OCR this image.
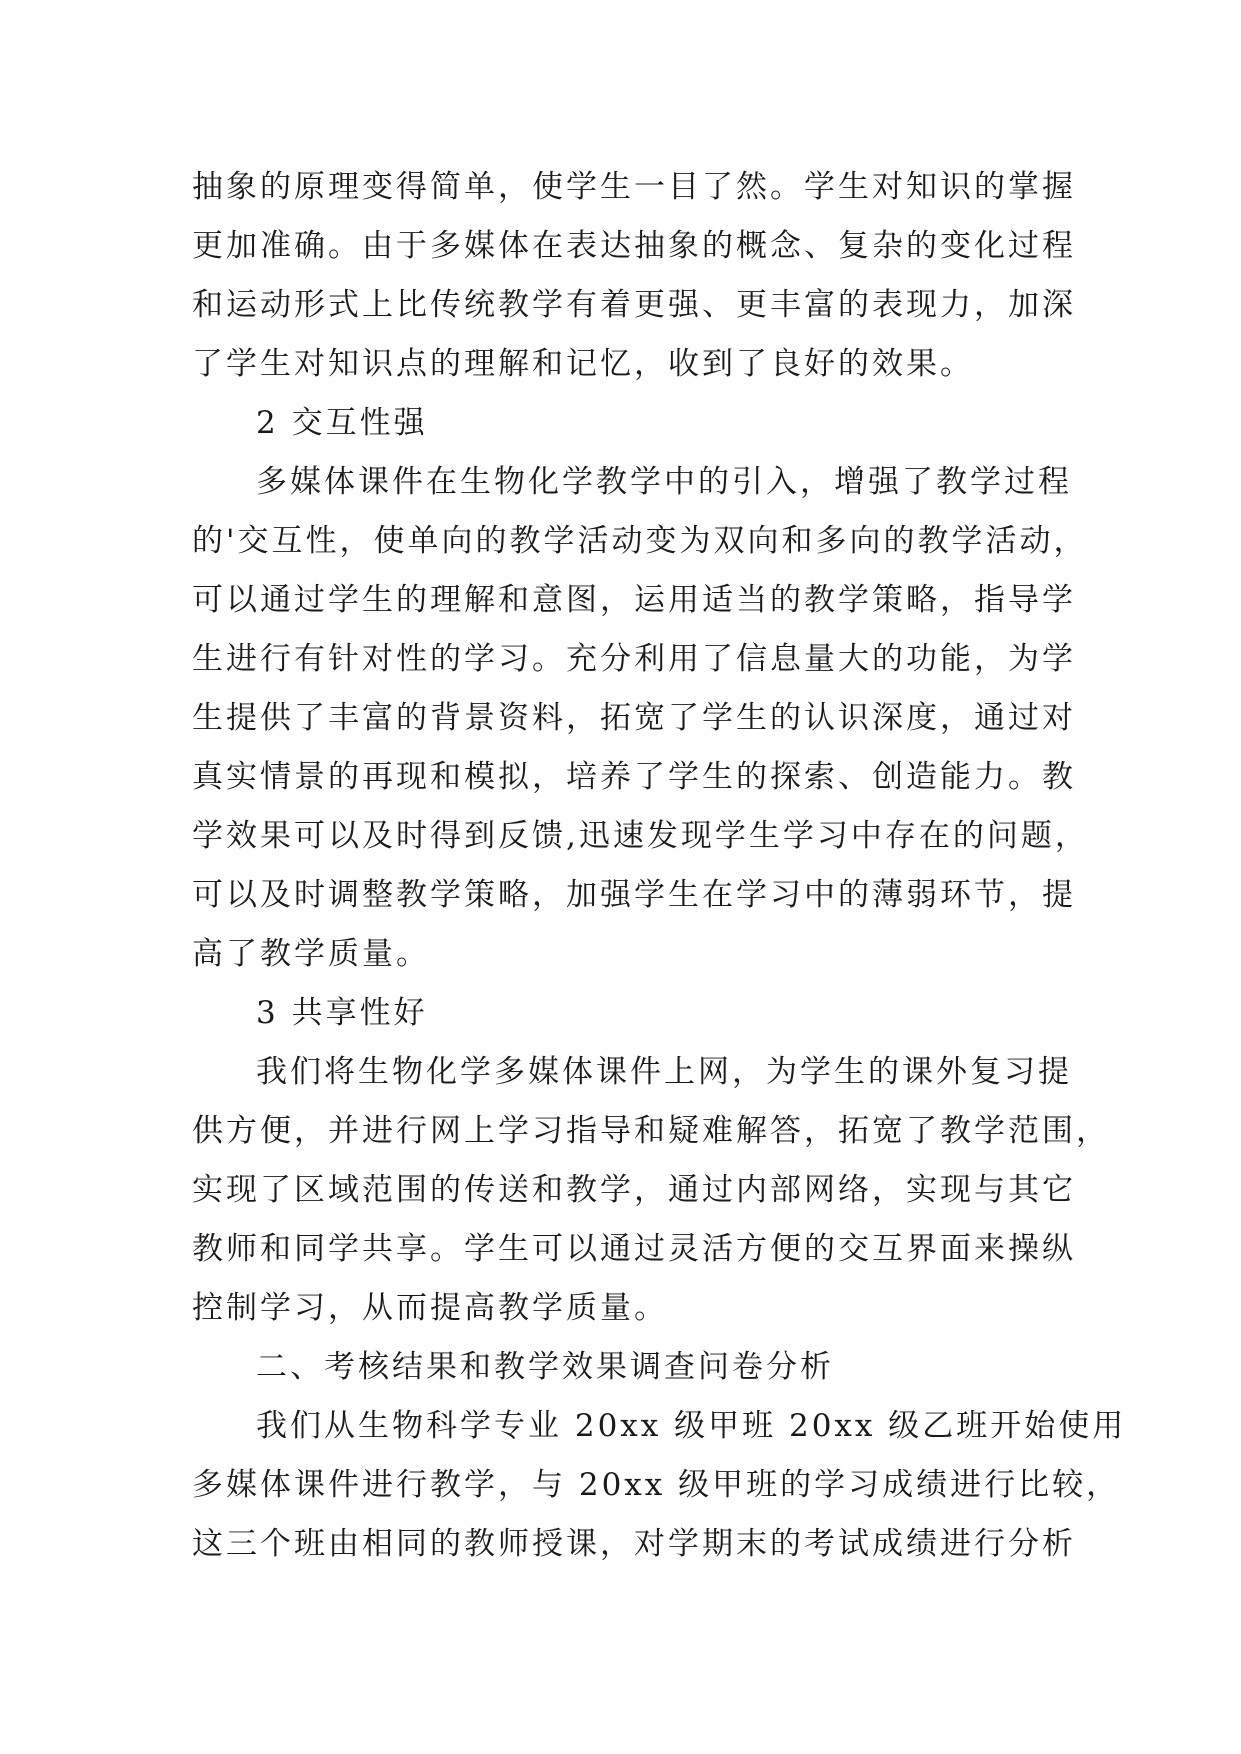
抽象的原理变得简单，使学生一目了然。学生对知识的掌握
更加准确。由于多媒体在表达抽象的概念、复杂的变化过程
和运动形式上比传统教学有着更强、更丰富的表现力，加深
了学生对知识点的理解和记忆，收到了良好的效果。
2 交互性强
多媒体课件在生物化学教学中的引入，增强了教学过程
的'交互性，使单向的教学活动变为双向和多向的教学活动，
可以通过学生的理解和意图，运用适当的教学策略，指导学
生进行有针对性的学习。充分利用了信息量大的功能，为学
生提供了丰富的背景资料，拓宽了学生的认识深度，通过对
真实情景的再现和模拟，培养了学生的探索、创造能力。教
学效果可以及时得到反馈,迅速发现学生学习中存在的问题，
可以及时调整教学策略，加强学生在学习中的薄弱环节，提
高了教学质量。
3 共享性好
我们将生物化学多媒体课件上网，为学生的课外复习提
供方便，并进行网上学习指导和疑难解答，拓宽了教学范围，
实现了区域范围的传送和教学，通过内部网络，实现与其它
教师和同学共享。学生可以通过灵活方便的交互界面来操纵
控制学习，从而提高教学质量。
二、考核结果和教学效果调查问卷分析
我们从生物科学专业 20xx 级甲班 20xx 级乙班开始使用
多媒体课件进行教学，与 20xx 级甲班的学习成绩进行比较，
这三个班由相同的教师授课，对学期末的考试成绩进行分析
